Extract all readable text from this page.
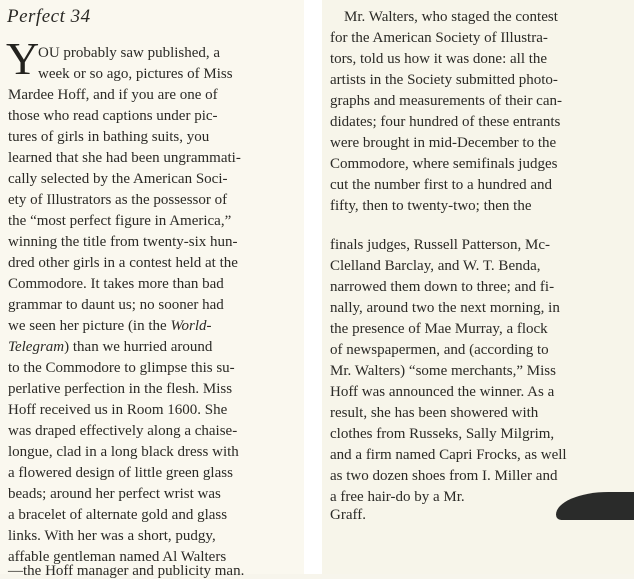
Perfect 34
Y
OU probably saw published, a
week or so ago, pictures of Miss
Mardee Hoff, and if you are one of
those who read captions under pic-
tures of girls in bathing suits, you
learned that she had been ungrammati-
cally selected by the American Soci-
ety of Illustrators as the possessor of
the “most perfect figure in America,”
winning the title from twenty-six hun-
dred other girls in a contest held at the
Commodore. It takes more than bad
grammar to daunt us; no sooner had
we seen her picture (in the World-
Telegram) than we hurried around
to the Commodore to glimpse this su-
perlative perfection in the flesh. Miss
Hoff received us in Room 1600. She
was draped effectively along a chaise-
longue, clad in a long black dress with
a flowered design of little green glass
beads; around her perfect wrist was
a bracelet of alternate gold and glass
links. With her was a short, pudgy,
affable gentleman named Al Walters
—the Hoff manager and publicity man.
Mr. Walters, who staged the contest
for the American Society of Illustra-
tors, told us how it was done: all the
artists in the Society submitted photo-
graphs and measurements of their can-
didates; four hundred of these entrants
were brought in mid-December to the
Commodore, where semifinals judges
cut the number first to a hundred and
fifty, then to twenty-two; then the
finals judges, Russell Patterson, Mc-
Clelland Barclay, and W. T. Benda,
narrowed them down to three; and fi-
nally, around two the next morning, in
the presence of Mae Murray, a flock
of newspapermen, and (according to
Mr. Walters) “some merchants,” Miss
Hoff was announced the winner. As a
result, she has been showered with
clothes from Russeks, Sally Milgrim,
and a firm named Capri Frocks, as well
as two dozen shoes from I. Miller and
a free hair-do by a Mr.
Graff.
